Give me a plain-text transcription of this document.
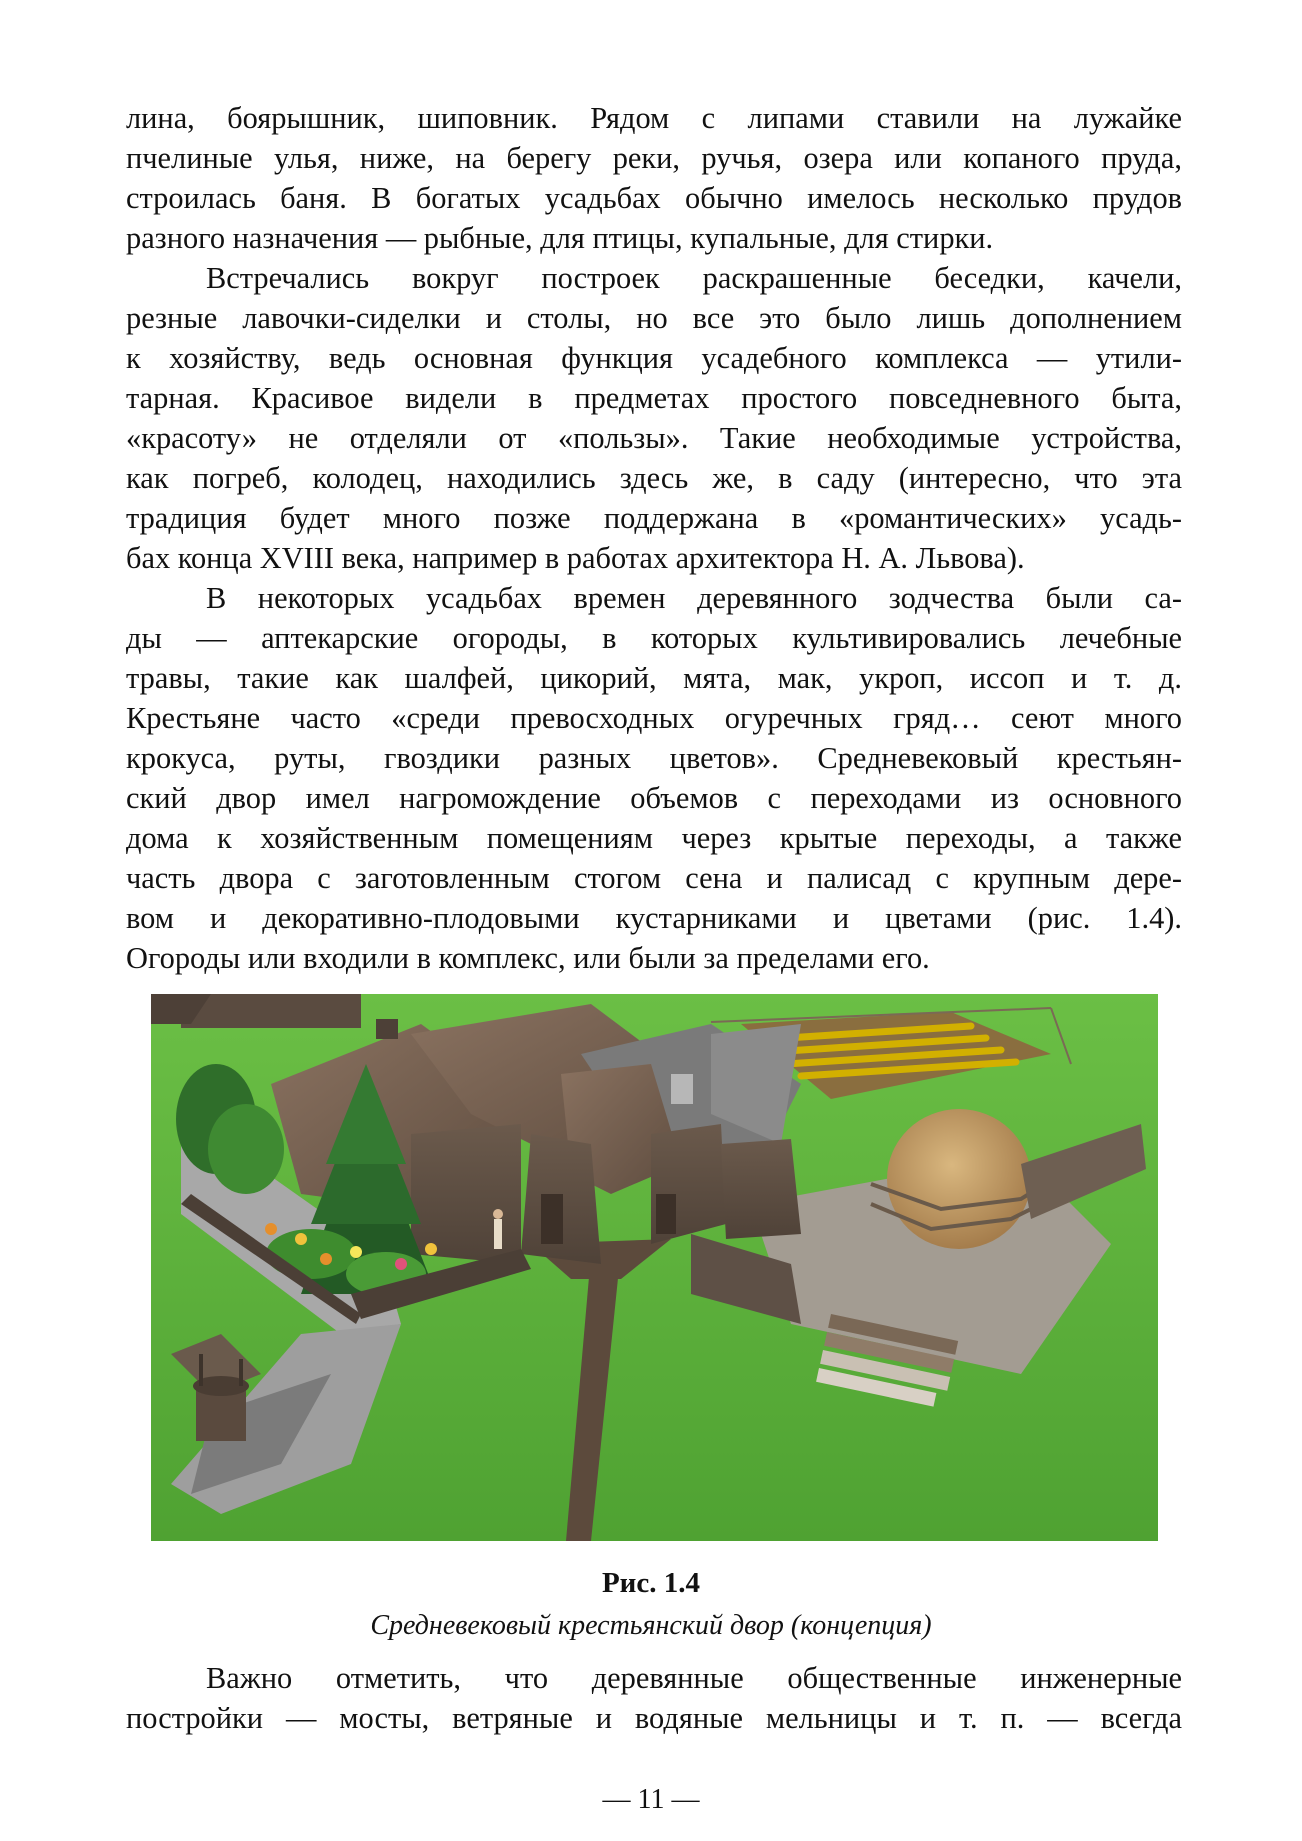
лина, боярышник, шиповник. Рядом с липами ставили на лужайке
пчелиные улья, ниже, на берегу реки, ручья, озера или копаного пруда,
строилась баня. В богатых усадьбах обычно имелось несколько прудов
разного назначения — рыбные, для птицы, купальные, для стирки.

Встречались вокруг построек раскрашенные беседки, качели,
резные лавочки-сиделки и столы, но все это было лишь дополнением
к хозяйству, ведь основная функция усадебного комплекса — утили-
тарная. Красивое видели в предметах простого повседневного быта,
«красоту» не отделяли от «пользы». Такие необходимые устройства,
как погреб, колодец, находились здесь же, в саду (интересно, что эта
традиция будет много позже поддержана в «романтических» усадь-
бах конца XVIII века, например в работах архитектора Н. А. Львова).

В некоторых усадьбах времен деревянного зодчества были са-
ды — аптекарские огороды, в которых культивировались лечебные
травы, такие как шалфей, цикорий, мята, мак, укроп, иссоп и т. д.
Крестьяне часто «среди превосходных огуречных гряд… сеют много
крокуса, руты, гвоздики разных цветов». Средневековый крестьян-
ский двор имел нагромождение объемов с переходами из основного
дома к хозяйственным помещениям через крытые переходы, а также
часть двора с заготовленным стогом сена и палисад с крупным дере-
вом и декоративно-плодовыми кустарниками и цветами (рис. 1.4).
Огороды или входили в комплекс, или были за пределами его.

Рис. 1.4
Средневековый крестьянский двор (концепция)

Важно отметить, что деревянные общественные инженерные
постройки — мосты, ветряные и водяные мельницы и т. п. — всегда

— 11 —
